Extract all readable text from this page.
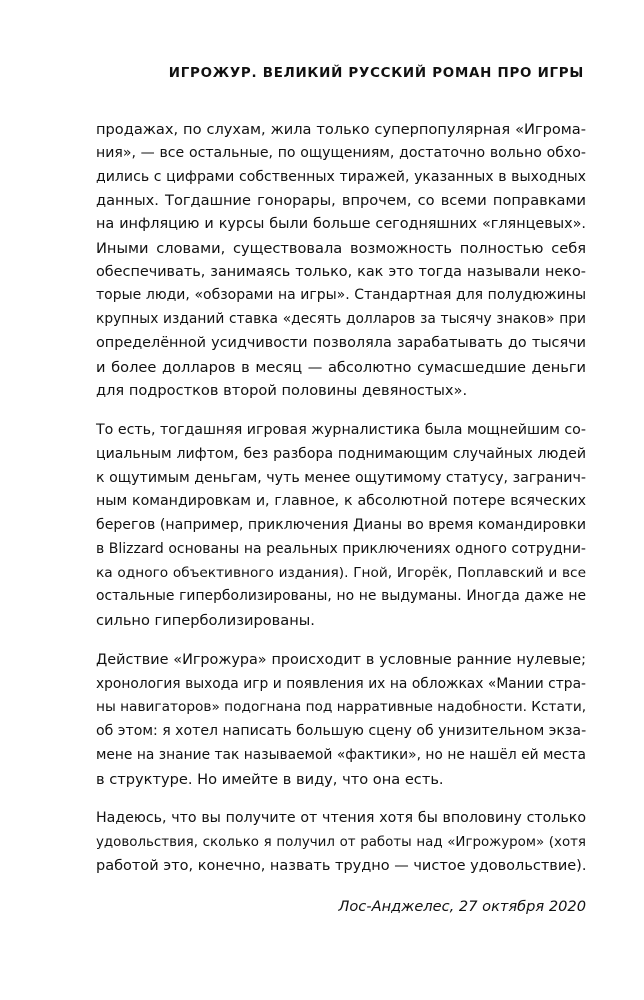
ИГРОЖУР. ВЕЛИКИЙ РУССКИЙ РОМАН ПРО ИГРЫ
продажах, по слухам, жила только суперпопулярная «Игрома-
ния», — все остальные, по ощущениям, достаточно вольно обхо-
дились с цифрами собственных тиражей, указанных в выходных
данных. Тогдашние гонорары, впрочем, со всеми поправками
на инфляцию и курсы были больше сегодняшних «глянцевых».
Иными словами, существовала возможность полностью себя
обеспечивать, занимаясь только, как это тогда называли неко-
торые люди, «обзорами на игры». Стандартная для полудюжины
крупных изданий ставка «десять долларов за тысячу знаков» при
определённой усидчивости позволяла зарабатывать до тысячи
и более долларов в месяц — абсолютно сумасшедшие деньги
для подростков второй половины девяностых».
То есть, тогдашняя игровая журналистика была мощнейшим со-
циальным лифтом, без разбора поднимающим случайных людей
к ощутимым деньгам, чуть менее ощутимому статусу, загранич-
ным командировкам и, главное, к абсолютной потере всяческих
берегов (например, приключения Дианы во время командировки
в Blizzard основаны на реальных приключениях одного сотрудни-
ка одного объективного издания). Гной, Игорёк, Поплавский и все
остальные гиперболизированы, но не выдуманы. Иногда даже не
сильно гиперболизированы.
Действие «Игрожура» происходит в условные ранние нулевые;
хронология выхода игр и появления их на обложках «Мании стра-
ны навигаторов» подогнана под нарративные надобности. Кстати,
об этом: я хотел написать большую сцену об унизительном экза-
мене на знание так называемой «фактики», но не нашёл ей места
в структуре. Но имейте в виду, что она есть.
Надеюсь, что вы получите от чтения хотя бы вполовину столько
удовольствия, сколько я получил от работы над «Игрожуром» (хотя
работой это, конечно, назвать трудно — чистое удовольствие).
Лос-Анджелес, 27 октября 2020
